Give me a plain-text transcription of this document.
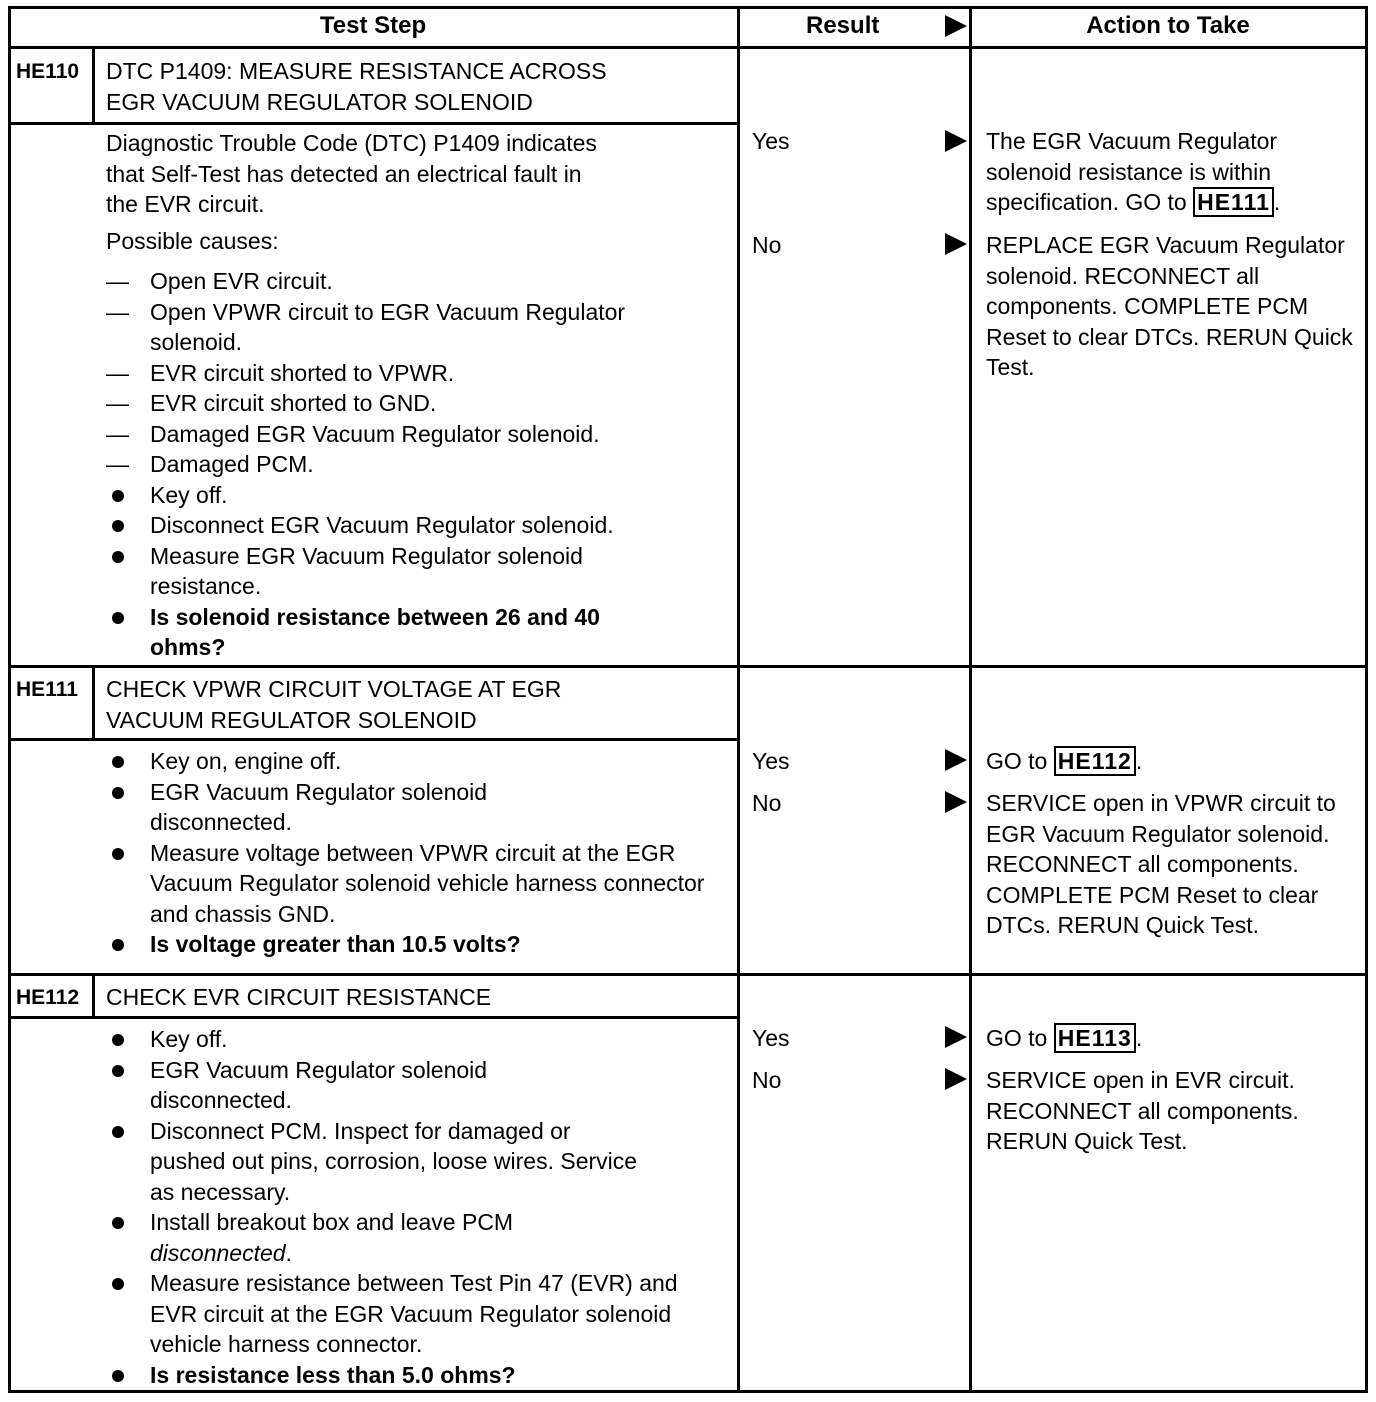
Test Step	Result	Action to Take
HE110 DTC P1409: MEASURE RESISTANCE ACROSS
EGR VACUUM REGULATOR SOLENOID

Diagnostic Trouble Code (DTC) P1409 indicates

that Self-Test has detected an electrical fault in

the EVR circuit.

Possible causes:

— Open EVR circuit.

— Open VPWR circuit to EGR Vacuum Regulator solenoid.

— EVR circuit shorted to VPWR.

— EVR circuit shorted to GND.

— Damaged EGR Vacuum Regulator solenoid.

— Damaged PCM.

Key off.

Disconnect EGR Vacuum Regulator solenoid.

Measure EGR Vacuum Regulator solenoid resistance.

Is solenoid resistance between 26 and 40 ohms?

Yes	The EGR Vacuum Regulator solenoid resistance is within specification. GO to HE111 .
No	REPLACE EGR Vacuum Regulator solenoid. RECONNECT all components. COMPLETE PCM Reset to clear DTCs. RERUN Quick Test.
HE111 CHECK VPWR CIRCUIT VOLTAGE AT EGR
VACUUM REGULATOR SOLENOID

Key on, engine off.

EGR Vacuum Regulator solenoid disconnected.

Measure voltage between VPWR circuit at the EGR Vacuum Regulator solenoid vehicle harness connector and chassis GND.

Is voltage greater than 10.5 volts?

Yes	GO to HE112 .
No	SERVICE open in VPWR circuit to EGR Vacuum Regulator solenoid. RECONNECT all components. COMPLETE PCM Reset to clear DTCs. RERUN Quick Test.
HE112 CHECK EVR CIRCUIT RESISTANCE

Key off.

EGR Vacuum Regulator solenoid disconnected.

Disconnect PCM. Inspect for damaged or pushed out pins, corrosion, loose wires. Service as necessary.

Install breakout box and leave PCM disconnected.

Measure resistance between Test Pin 47 (EVR) and EVR circuit at the EGR Vacuum Regulator solenoid vehicle harness connector.

Is resistance less than 5.0 ohms?

Yes	GO to HE113 .
No	SERVICE open in EVR circuit. RECONNECT all components. RERUN Quick Test.
